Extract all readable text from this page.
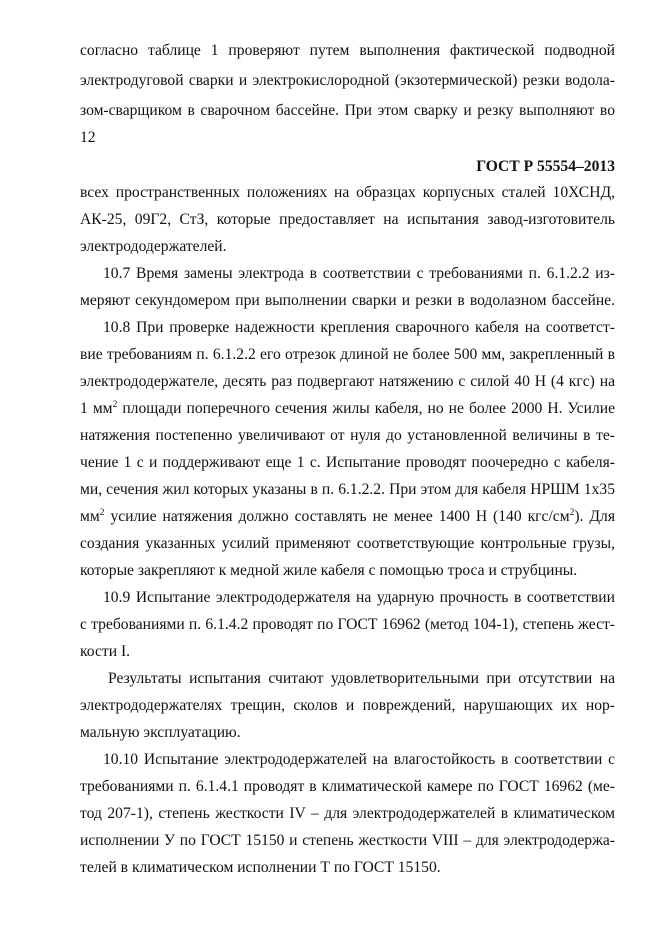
согласно таблице 1 проверяют путем выполнения фактической подводной
электродуговой сварки и электрокислородной (экзотермической) резки водола-
зом-сварщиком в сварочном бассейне. При этом сварку и резку выполняют во
12
ГОСТ Р 55554–2013
всех пространственных положениях на образцах корпусных сталей 10ХСНД,
АК-25, 09Г2, СтЗ, которые предоставляет на испытания завод-изготовитель
электрододержателей.
10.7 Время замены электрода в соответствии с требованиями п. 6.1.2.2 из-
меряют секундомером при выполнении сварки и резки в водолазном бассейне.
10.8 При проверке надежности крепления сварочного кабеля на соответст-
вие требованиям п. 6.1.2.2 его отрезок длиной не более 500 мм, закрепленный в
электрододержателе, десять раз подвергают натяжению с силой 40 Н (4 кгс) на
1 $мм^2$ площади поперечного сечения жилы кабеля, но не более 2000 Н. Усилие
натяжения постепенно увеличивают от нуля до установленной величины в те-
чение 1 с и поддерживают еще 1 с. Испытание проводят поочередно с кабеля-
ми, сечения жил которых указаны в п. 6.1.2.2. При этом для кабеля НРШМ 1х35
$мм^2$ усилие натяжения должно составлять не менее 1400 Н (140 кгс/$см^2$). Для
создания указанных усилий применяют соответствующие контрольные грузы,
которые закрепляют к медной жиле кабеля с помощью троса и струбцины.
10.9 Испытание электрододержателя на ударную прочность в соответствии
с требованиями п. 6.1.4.2 проводят по ГОСТ 16962 (метод 104-1), степень жест-
кости I.
Результаты испытания считают удовлетворительными при отсутствии на
электрододержателях трещин, сколов и повреждений, нарушающих их нор-
мальную эксплуатацию.
10.10 Испытание электрододержателей на влагостойкость в соответствии с
требованиями п. 6.1.4.1 проводят в климатической камере по ГОСТ 16962 (ме-
тод 207-1), степень жесткости IV – для электрододержателей в климатическом
исполнении У по ГОСТ 15150 и степень жесткости VIII – для электрододержа-
телей в климатическом исполнении Т по ГОСТ 15150.
